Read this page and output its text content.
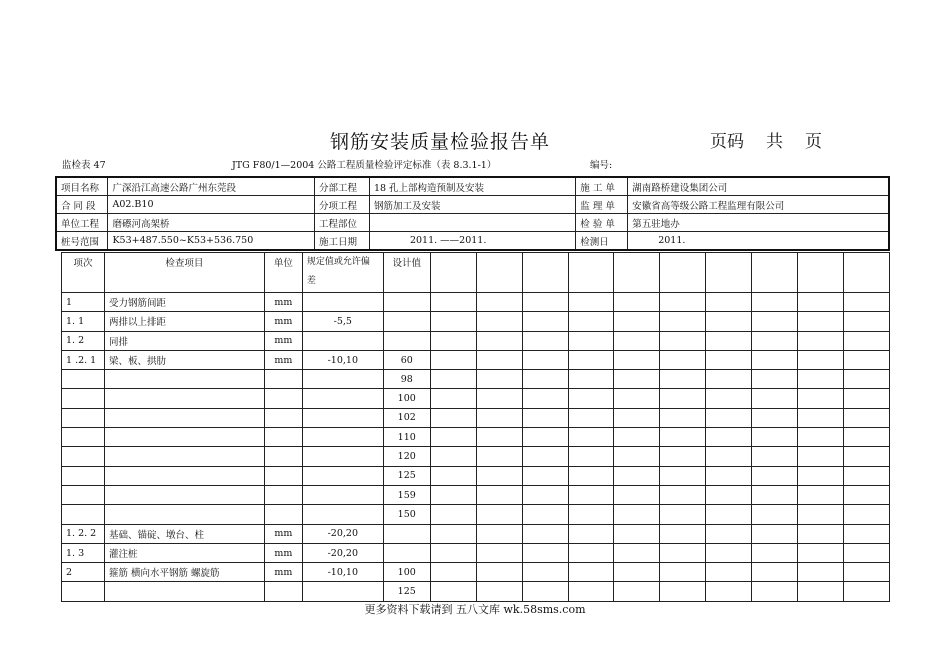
钢筋安装质量检验报告单	页码 共 页
监检表 47	JTG F80/1—2004 公路工程质量检验评定标准（表 8.3.1-1）	编号:
项目名称	广深沿江高速公路广州东莞段	分部工程	18 孔上部构造预制及安装	施 工 单	湖南路桥建设集团公司
合 同 段	A02.B10	分项工程	钢筋加工及安装	监 理 单	安徽省高等级公路工程监理有限公司
单位工程	磨礤河高架桥	工程部位		检 验 单	第五驻地办
桩号范围	K53+487.550~K53+536.750	施工日期	2011. ——2011.	检测日	2011.
项次	检查项目	单位	规定值或允许偏差	设计值										
1	受力钢筋间距	mm												
1. 1	两排以上排距	mm	-5,5											
1. 2	同排	mm												
1 .2. 1	梁、板、拱肋	mm	-10,10	60										
				98										
				100										
				102										
				110										
				120										
				125										
				159										
				150										
1. 2. 2	基础、锚碇、墩台、柱	mm	-20,20											
1. 3	灌注桩	mm	-20,20											
2	箍筋 横向水平钢筋 螺旋筋	mm	-10,10	100										
				125										
更多资料下载请到 五八文库 wk.58sms.com
